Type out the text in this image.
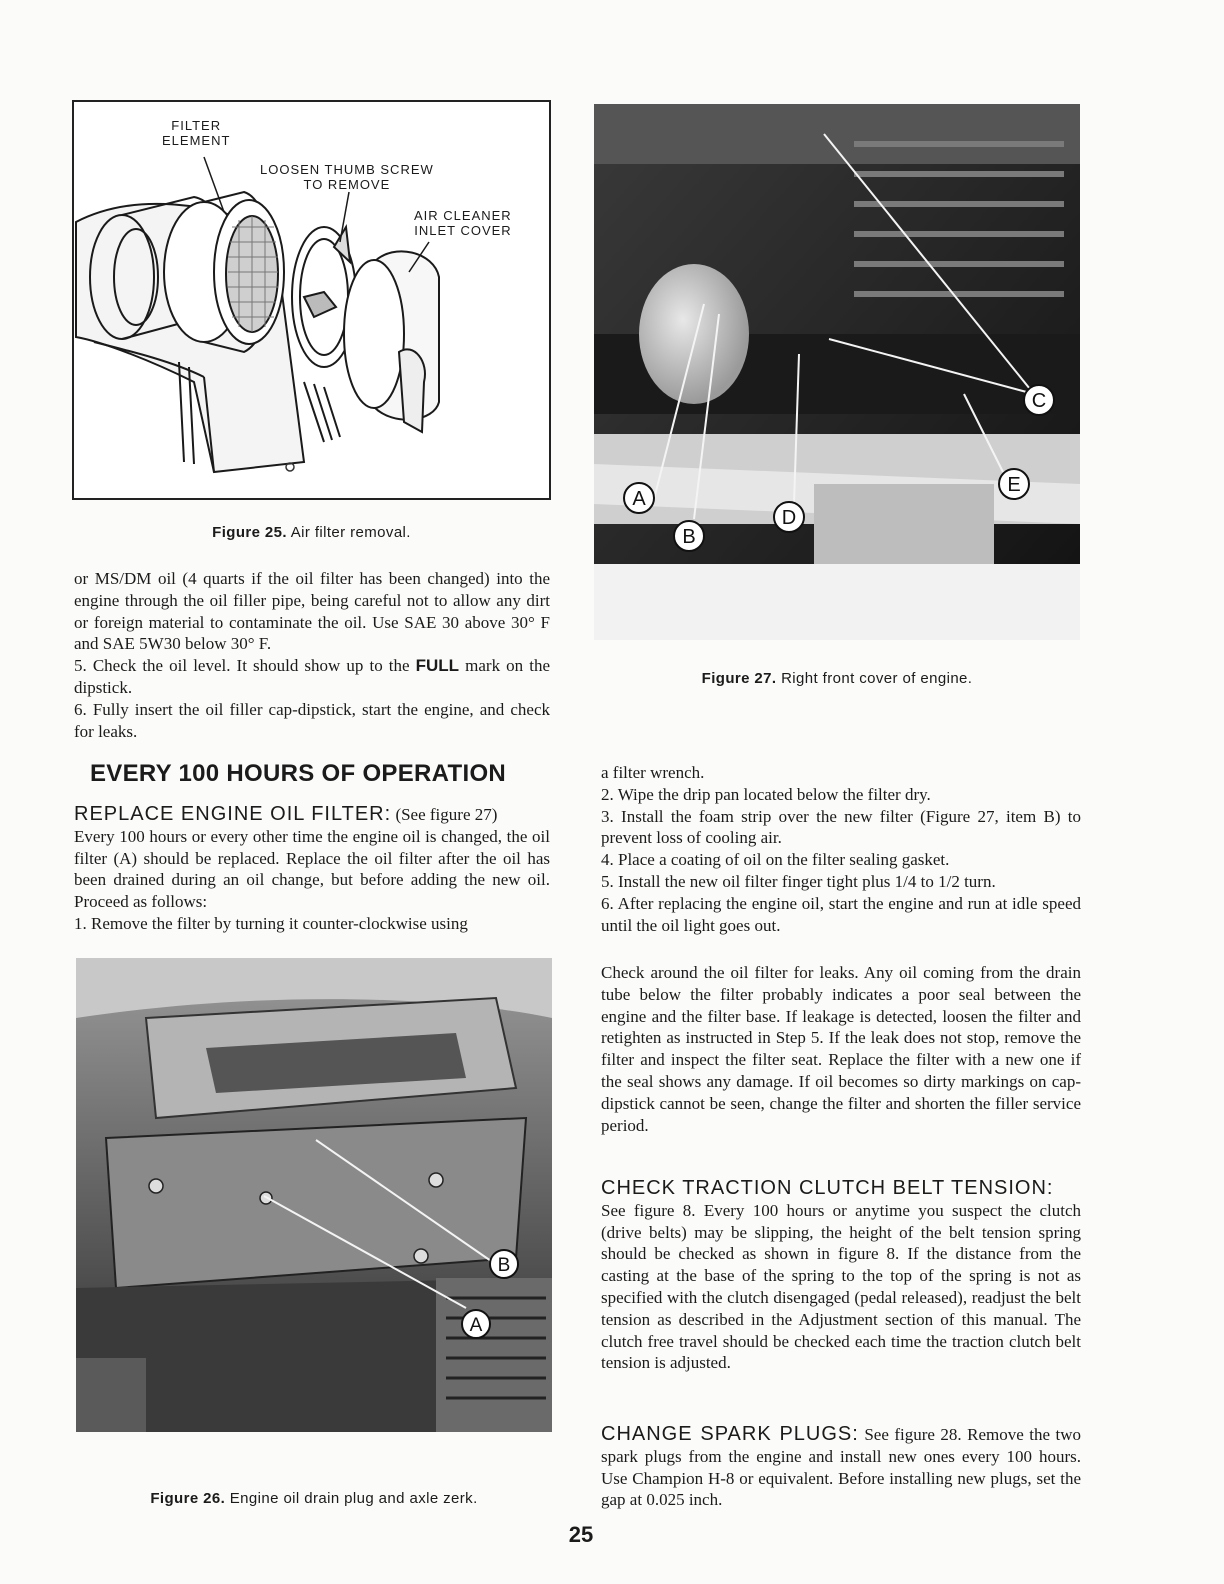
FILTER
ELEMENT
LOOSEN THUMB SCREW
TO REMOVE
AIR CLEANER
INLET COVER
Figure 25. Air filter removal.
A
B
C
D
E
Figure 27. Right front cover of engine.

or MS/DM oil (4 quarts if the oil filter has been changed) into the engine through the oil filler pipe, being careful not to allow any dirt or foreign material to contaminate the oil. Use SAE 30 above 30° F and SAE 5W30 below 30° F.

5. Check the oil level. It should show up to the FULL mark on the dipstick.

6. Fully insert the oil filler cap-dipstick, start the engine, and check for leaks.

EVERY 100 HOURS OF OPERATION

REPLACE ENGINE OIL FILTER: (See figure 27)

Every 100 hours or every other time the engine oil is changed, the oil filter (A) should be replaced. Replace the oil filter after the oil has been drained during an oil change, but before adding the new oil. Proceed as follows:

1. Remove the filter by turning it counter-clockwise using

B
A
Figure 26. Engine oil drain plug and axle zerk.

a filter wrench.

2. Wipe the drip pan located below the filter dry.

3. Install the foam strip over the new filter (Figure 27, item B) to prevent loss of cooling air.

4. Place a coating of oil on the filter sealing gasket.

5. Install the new oil filter finger tight plus 1/4 to 1/2 turn.

6. After replacing the engine oil, start the engine and run at idle speed until the oil light goes out.

Check around the oil filter for leaks. Any oil coming from the drain tube below the filter probably indicates a poor seal between the engine and the filter base. If leakage is detected, loosen the filter and retighten as instructed in Step 5. If the leak does not stop, remove the filter and inspect the filter seat. Replace the filter with a new one if the seal shows any damage. If oil becomes so dirty markings on cap-dipstick cannot be seen, change the filter and shorten the filler service period.

CHECK TRACTION CLUTCH BELT TENSION:

See figure 8. Every 100 hours or anytime you suspect the clutch (drive belts) may be slipping, the height of the belt tension spring should be checked as shown in figure 8. If the distance from the casting at the base of the spring to the top of the spring is not as specified with the clutch disengaged (pedal released), readjust the belt tension as described in the Adjustment section of this manual. The clutch free travel should be checked each time the traction clutch belt tension is adjusted.

CHANGE SPARK PLUGS: See figure 28. Remove the two spark plugs from the engine and install new ones every 100 hours. Use Champion H-8 or equivalent. Before installing new plugs, set the gap at 0.025 inch.

25
